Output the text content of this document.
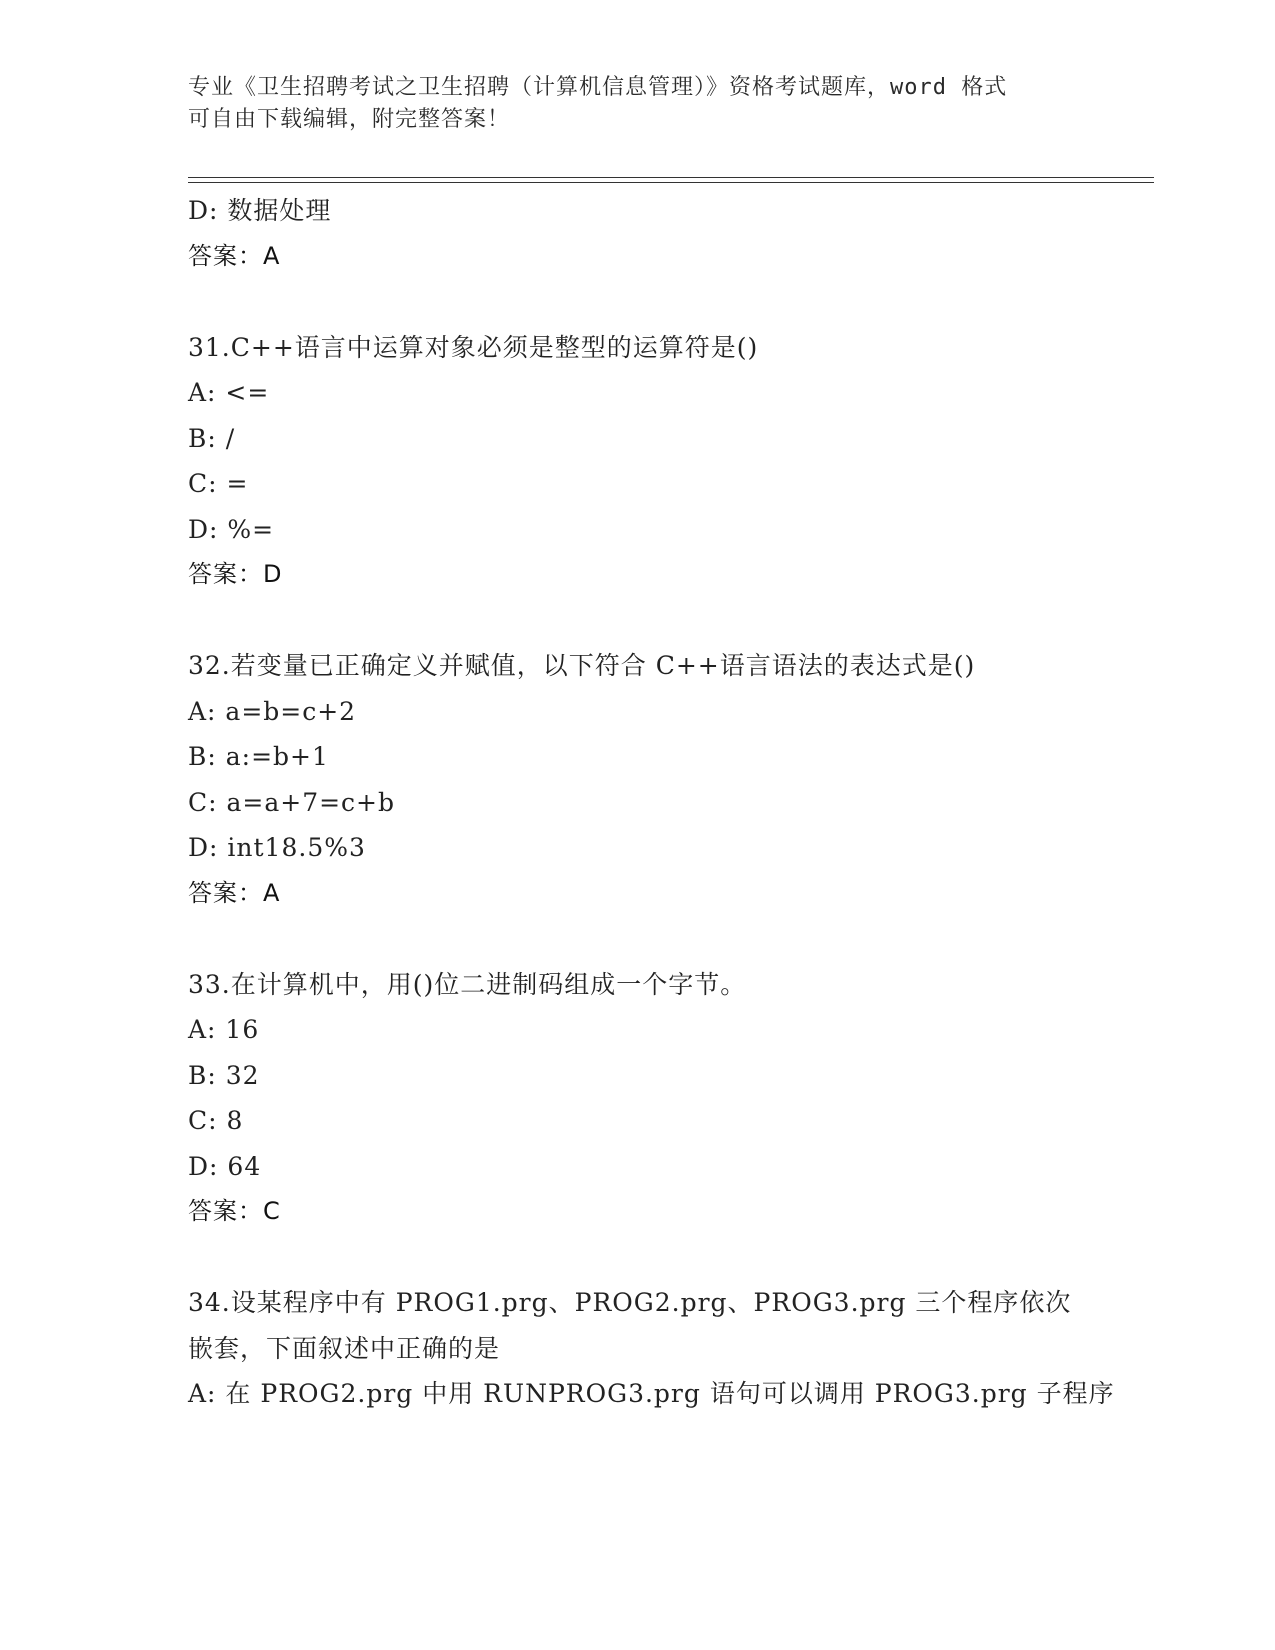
专业《卫生招聘考试之卫生招聘（计算机信息管理）》资格考试题库，word 格式
可自由下载编辑，附完整答案！
D: 数据处理
答案：A
31.C++语言中运算对象必须是整型的运算符是()
A: <=
B: /
C: =
D: %=
答案：D
32.若变量已正确定义并赋值，以下符合 C++语言语法的表达式是()
A: a=b=c+2
B: a:=b+1
C: a=a+7=c+b
D: int18.5%3
答案：A
33.在计算机中，用()位二进制码组成一个字节。
A: 16
B: 32
C: 8
D: 64
答案：C
34.设某程序中有 PROG1.prg、PROG2.prg、PROG3.prg 三个程序依次嵌套，下面叙述中正确的是
A: 在 PROG2.prg 中用 RUNPROG3.prg 语句可以调用 PROG3.prg 子程序
